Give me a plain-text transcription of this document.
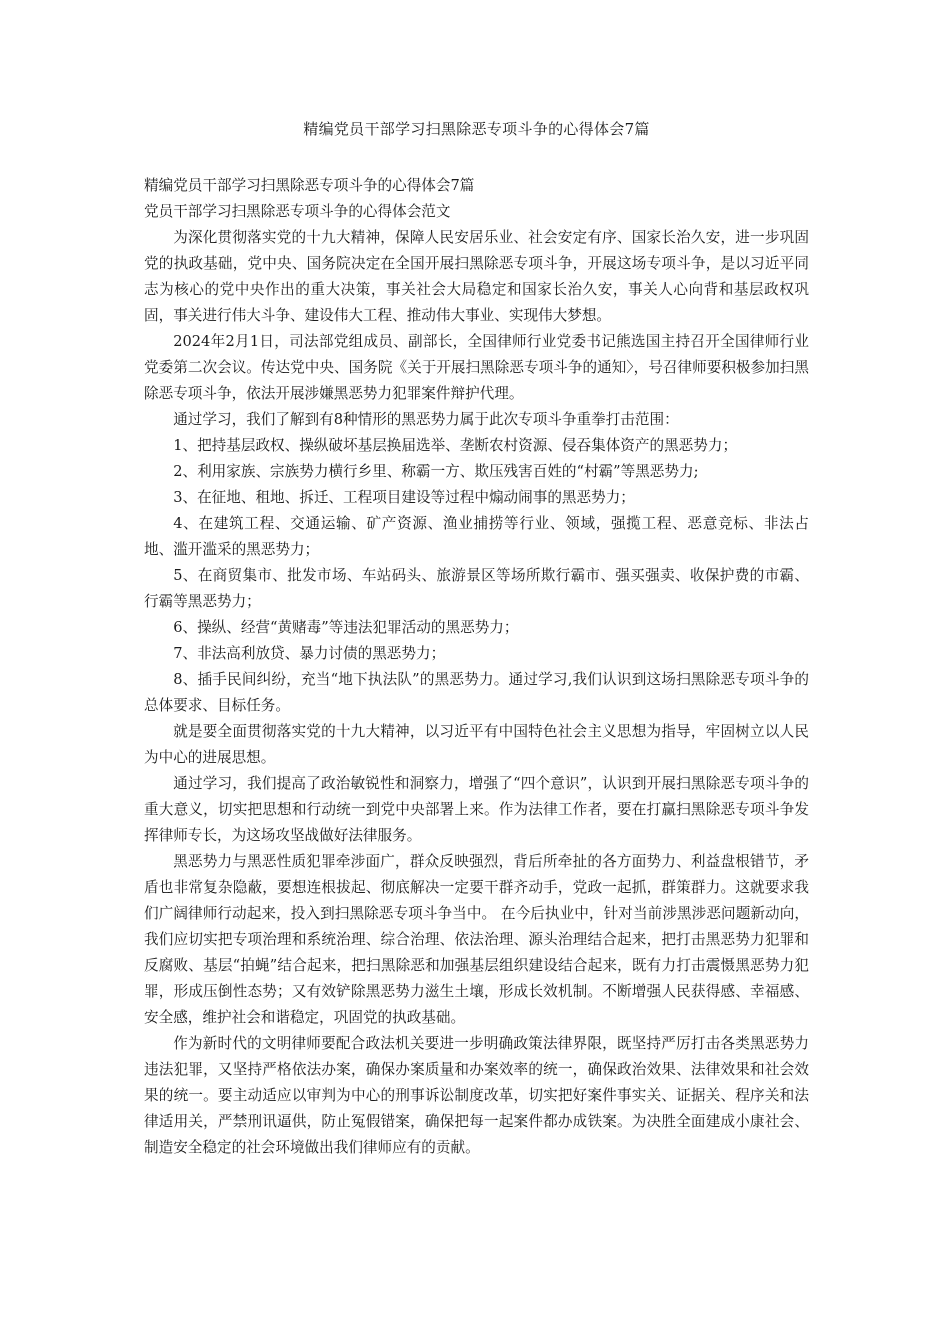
精编党员干部学习扫黑除恶专项斗争的心得体会7篇

精编党员干部学习扫黑除恶专项斗争的心得体会7篇

党员干部学习扫黑除恶专项斗争的心得体会范文

为深化贯彻落实党的十九大精神，保障人民安居乐业、社会安定有序、国家长治久安，进一步巩固党的执政基础，党中央、国务院决定在全国开展扫黑除恶专项斗争，开展这场专项斗争，是以习近平同志为核心的党中央作出的重大决策，事关社会大局稳定和国家长治久安，事关人心向背和基层政权巩固，事关进行伟大斗争、建设伟大工程、推动伟大事业、实现伟大梦想。

2024年2月1日，司法部党组成员、副部长，全国律师行业党委书记熊选国主持召开全国律师行业党委第二次会议。传达党中央、国务院《关于开展扫黑除恶专项斗争的通知〉，号召律师要积极参加扫黑除恶专项斗争，依法开展涉嫌黑恶势力犯罪案件辩护代理。

通过学习，我们了解到有8种情形的黑恶势力属于此次专项斗争重拳打击范围：

1、把持基层政权、操纵破坏基层换届选举、垄断农村资源、侵吞集体资产的黑恶势力；

2、利用家族、宗族势力横行乡里、称霸一方、欺压残害百姓的“村霸”等黑恶势力;

3、在征地、租地、拆迁、工程项目建设等过程中煽动闹事的黑恶势力；

4、在建筑工程、交通运输、矿产资源、渔业捕捞等行业、领域，强揽工程、恶意竞标、非法占地、滥开滥采的黑恶势力；

5、在商贸集市、批发市场、车站码头、旅游景区等场所欺行霸市、强买强卖、收保护费的市霸、行霸等黑恶势力；

6、操纵、经营“黄赌毒”等违法犯罪活动的黑恶势力；

7、非法高利放贷、暴力讨债的黑恶势力；

8、插手民间纠纷，充当“地下执法队”的黑恶势力。通过学习,我们认识到这场扫黑除恶专项斗争的总体要求、目标任务。

就是要全面贯彻落实党的十九大精神，以习近平有中国特色社会主义思想为指导，牢固树立以人民为中心的进展思想。

通过学习，我们提高了政治敏锐性和洞察力，增强了“四个意识”，认识到开展扫黑除恶专项斗争的重大意义，切实把思想和行动统一到党中央部署上来。作为法律工作者，要在打赢扫黑除恶专项斗争发挥律师专长，为这场攻坚战做好法律服务。

黑恶势力与黑恶性质犯罪牵涉面广，群众反映强烈，背后所牵扯的各方面势力、利益盘根错节，矛盾也非常复杂隐蔽，要想连根拔起、彻底解决一定要干群齐动手，党政一起抓，群策群力。这就要求我们广阔律师行动起来，投入到扫黑除恶专项斗争当中。 在今后执业中，针对当前涉黑涉恶问题新动向，我们应切实把专项治理和系统治理、综合治理、依法治理、源头治理结合起来，把打击黑恶势力犯罪和反腐败、基层“拍蝇”结合起来，把扫黑除恶和加强基层组织建设结合起来，既有力打击震慑黑恶势力犯罪，形成压倒性态势；又有效铲除黑恶势力滋生土壤，形成长效机制。不断增强人民获得感、幸福感、安全感，维护社会和谐稳定，巩固党的执政基础。

作为新时代的文明律师要配合政法机关要进一步明确政策法律界限，既坚持严厉打击各类黑恶势力违法犯罪，又坚持严格依法办案，确保办案质量和办案效率的统一，确保政治效果、法律效果和社会效果的统一。要主动适应以审判为中心的刑事诉讼制度改革，切实把好案件事实关、证据关、程序关和法律适用关，严禁刑讯逼供，防止冤假错案，确保把每一起案件都办成铁案。为决胜全面建成小康社会、制造安全稳定的社会环境做出我们律师应有的贡献。
